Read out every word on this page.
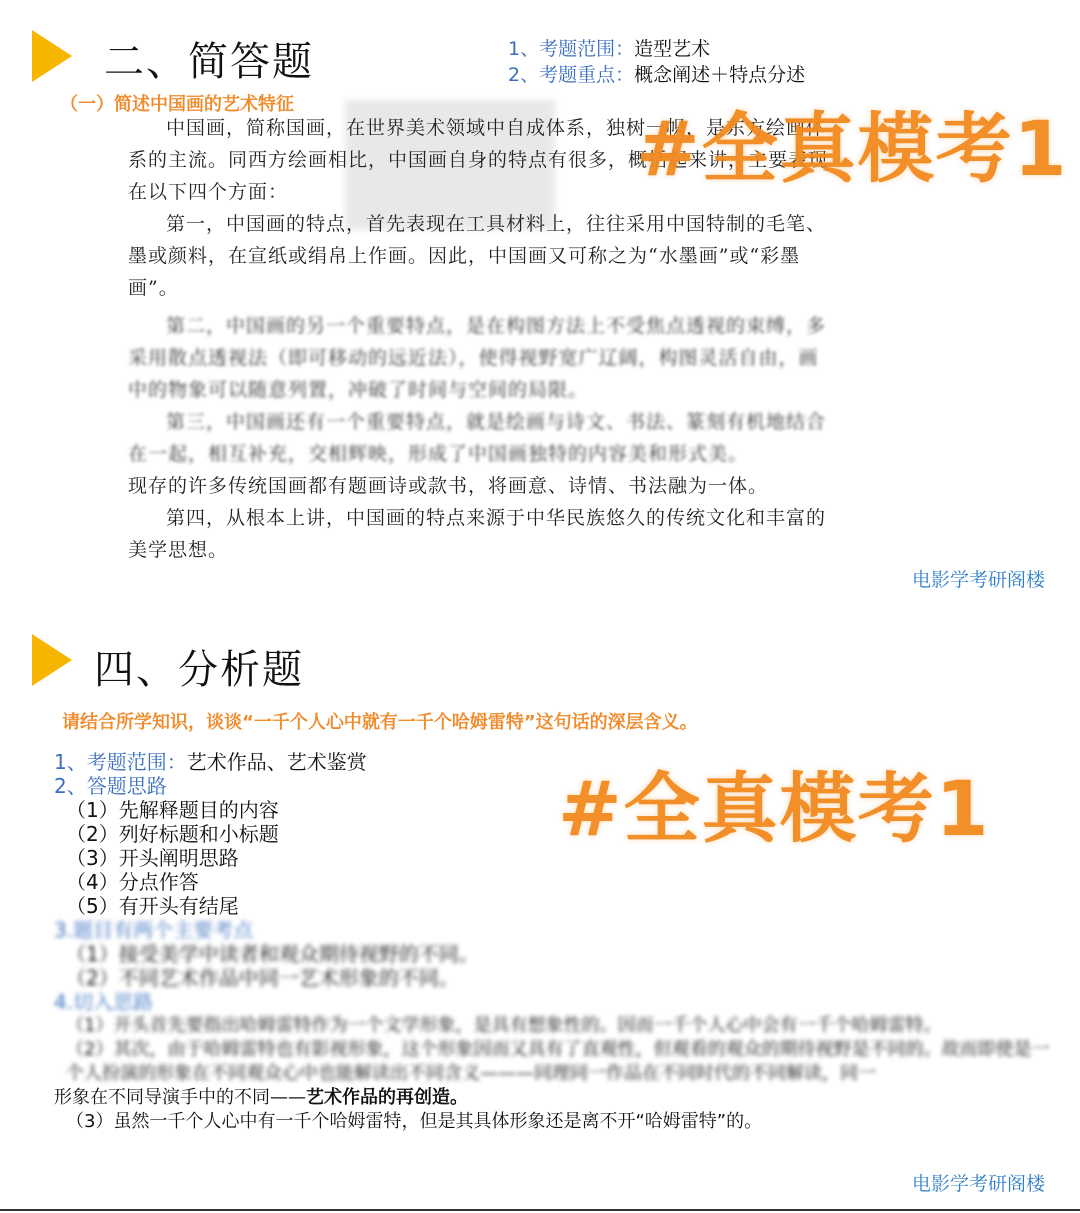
二、简答题	1、考题范围：造型艺术
2、考题重点：概念阐述＋特点分述
（一）简述中国画的艺术特征

中国画，简称国画，在世界美术领域中自成体系，独树一帜，是东方绘画体系的主流。同西方绘画相比，中国画自身的特点有很多，概括起来讲，主要表现在以下四个方面：

第一，中国画的特点，首先表现在工具材料上，往往采用中国特制的毛笔、墨或颜料，在宣纸或绢帛上作画。因此，中国画又可称之为“水墨画”或“彩墨画”。

第二，中国画的另一个重要特点，是在构图方法上不受焦点透视的束缚，多采用散点透视法（即可移动的远近法），使得视野宽广辽阔，构图灵活自由，画中的物象可以随意列置，冲破了时间与空间的局限。

第三，中国画还有一个重要特点，就是绘画与诗文、书法、篆刻有机地结合在一起，相互补充，交相辉映，形成了中国画独特的内容美和形式美。

现存的许多传统国画都有题画诗或款书，将画意、诗情、书法融为一体。

第四，从根本上讲，中国画的特点来源于中华民族悠久的传统文化和丰富的美学思想。

#全真模考1
电影学考研阁楼
四、分析题
请结合所学知识，谈谈“一千个人心中就有一千个哈姆雷特”这句话的深层含义。
#全真模考1
1、考题范围：艺术作品、艺术鉴赏
2、答题思路
（1）先解释题目的内容
（2）列好标题和小标题
（3）开头阐明思路
（4）分点作答
（5）有开头有结尾
3.题目有两个主要考点
（1）接受美学中读者和观众期待视野的不同。
（2）不同艺术作品中同一艺术形象的不同。
4.切入思路
（1）开头首先要指出哈姆雷特作为一个文学形象，是具有想象性的。因而一千个人心中会有一千个哈姆雷特。
（2）其次，由于哈姆雷特也有影视形象，这个形象因而又具有了直观性，但观看的观众的期待视野是不同的。故而即使是一个人扮演的形象在不同观众心中也能解读出不同含义———同理同一作品在不同时代的不同解读，同一
形象在不同导演手中的不同——艺术作品的再创造。
（3）虽然一千个人心中有一千个哈姆雷特，但是其具体形象还是离不开“哈姆雷特”的。
电影学考研阁楼
